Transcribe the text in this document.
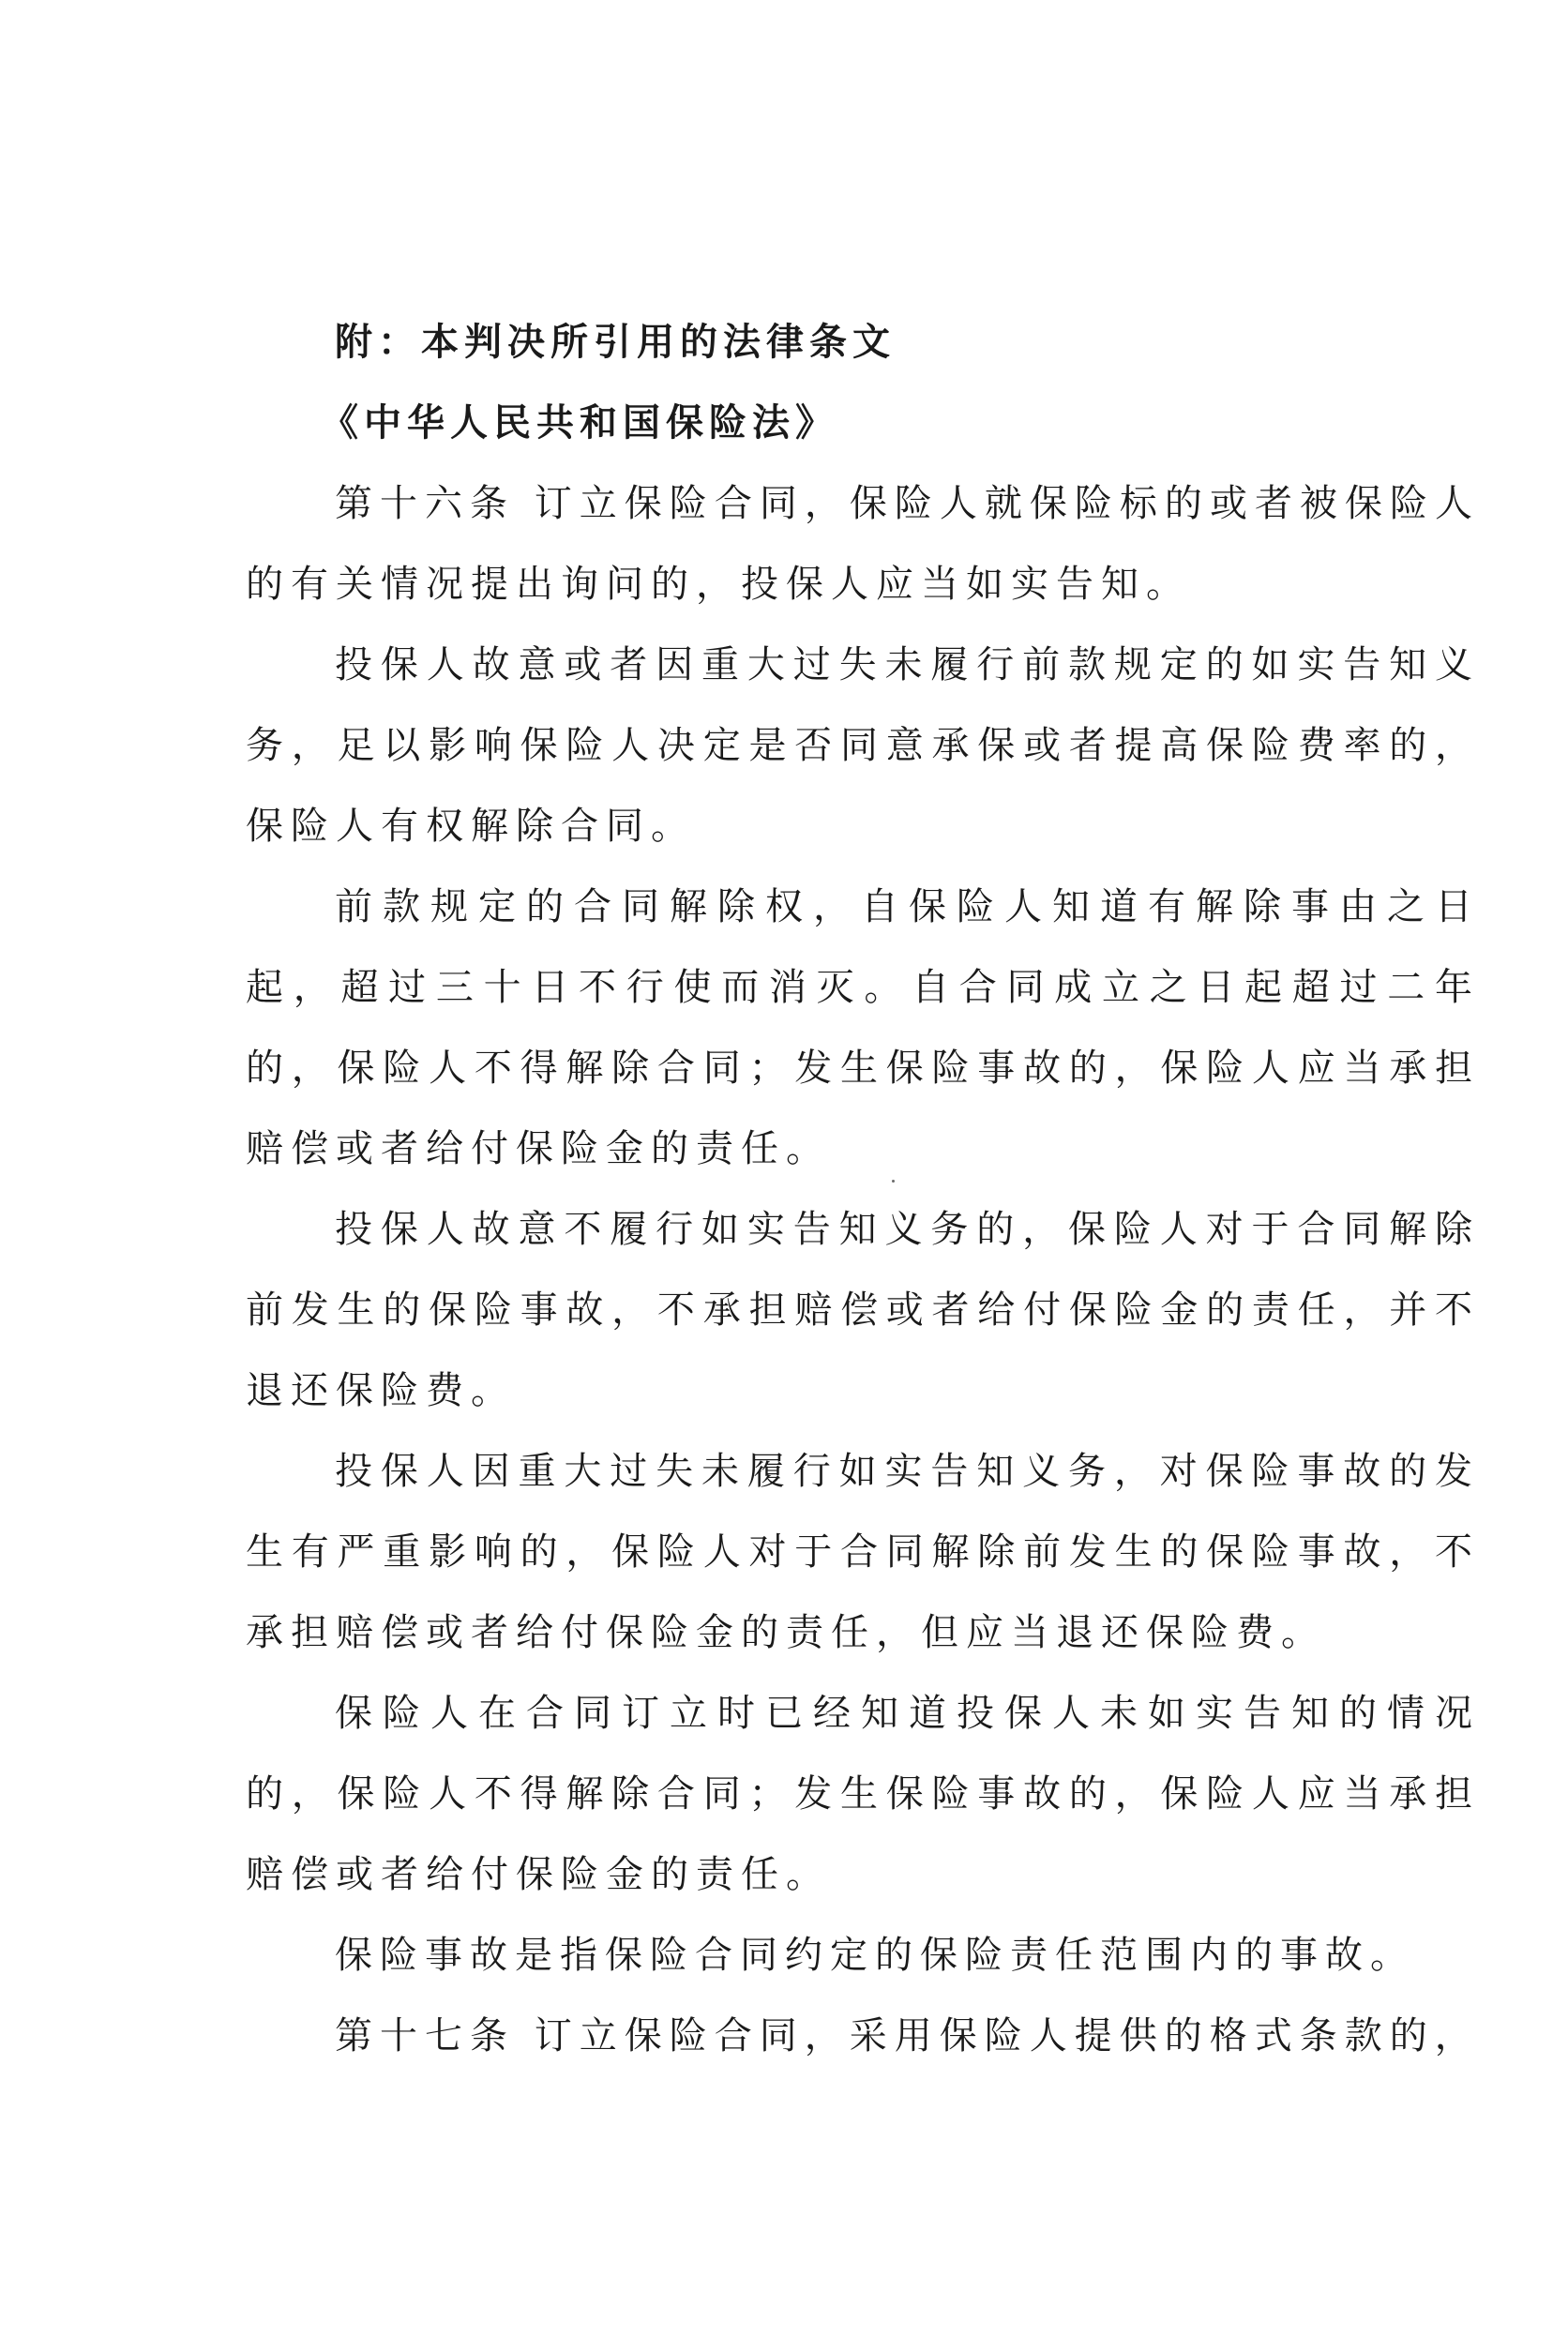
附：本判决所引用的法律条文

《中华人民共和国保险法》

第十六条 订立保险合同，保险人就保险标的或者被保险人的有关情况提出询问的，投保人应当如实告知。

投保人故意或者因重大过失未履行前款规定的如实告知义务，足以影响保险人决定是否同意承保或者提高保险费率的，保险人有权解除合同。

前款规定的合同解除权，自保险人知道有解除事由之日起，超过三十日不行使而消灭。自合同成立之日起超过二年的，保险人不得解除合同；发生保险事故的，保险人应当承担赔偿或者给付保险金的责任。

投保人故意不履行如实告知义务的，保险人对于合同解除前发生的保险事故，不承担赔偿或者给付保险金的责任，并不退还保险费。

投保人因重大过失未履行如实告知义务，对保险事故的发生有严重影响的，保险人对于合同解除前发生的保险事故，不承担赔偿或者给付保险金的责任，但应当退还保险费。

保险人在合同订立时已经知道投保人未如实告知的情况的，保险人不得解除合同；发生保险事故的，保险人应当承担赔偿或者给付保险金的责任。

保险事故是指保险合同约定的保险责任范围内的事故。

第十七条 订立保险合同，采用保险人提供的格式条款的，
